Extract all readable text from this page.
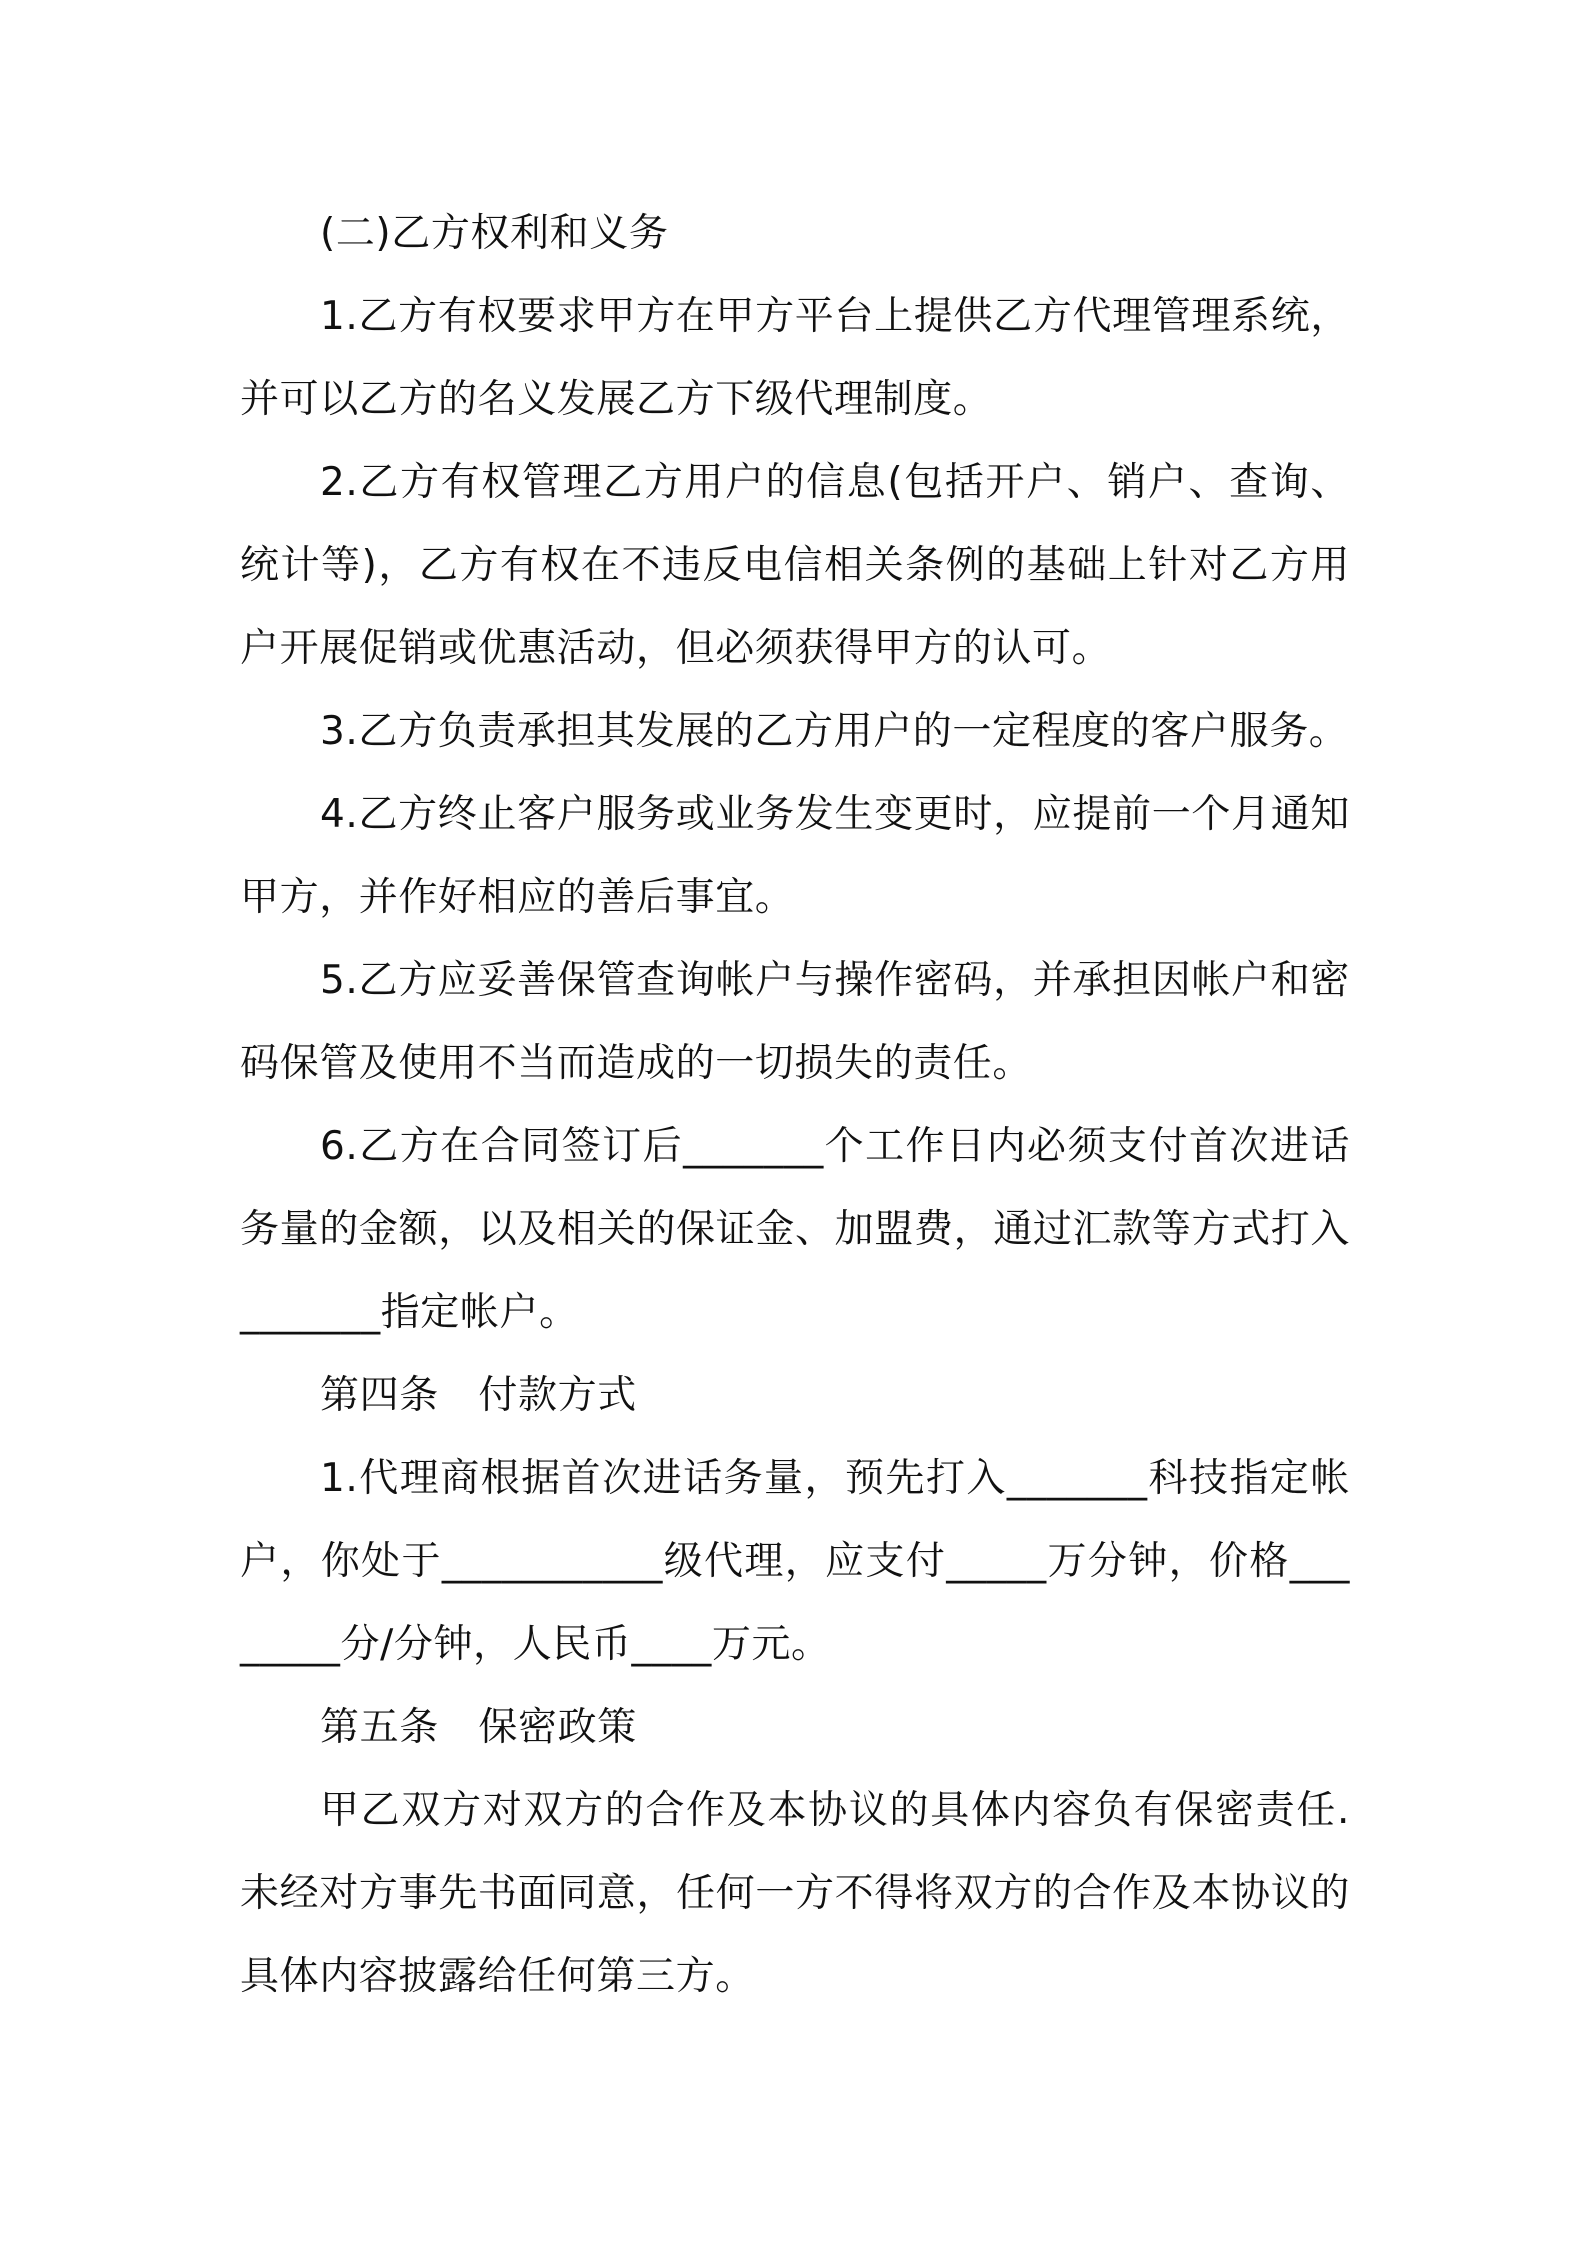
(二)乙方权利和义务

1.乙方有权要求甲方在甲方平台上提供乙方代理管理系统，并可以乙方的名义发展乙方下级代理制度。

2.乙方有权管理乙方用户的信息(包括开户、销户、查询、统计等)，乙方有权在不违反电信相关条例的基础上针对乙方用户开展促销或优惠活动，但必须获得甲方的认可。

3.乙方负责承担其发展的乙方用户的一定程度的客户服务。

4.乙方终止客户服务或业务发生变更时，应提前一个月通知甲方，并作好相应的善后事宜。

5.乙方应妥善保管查询帐户与操作密码，并承担因帐户和密码保管及使用不当而造成的一切损失的责任。

6.乙方在合同签订后_______个工作日内必须支付首次进话务量的金额，以及相关的保证金、加盟费，通过汇款等方式打入_______指定帐户。

第四条　付款方式

1.代理商根据首次进话务量，预先打入_______科技指定帐户，你处于___________级代理，应支付_____万分钟，价格________分/分钟，人民币____万元。

第五条　保密政策

甲乙双方对双方的合作及本协议的具体内容负有保密责任.未经对方事先书面同意，任何一方不得将双方的合作及本协议的具体内容披露给任何第三方。
